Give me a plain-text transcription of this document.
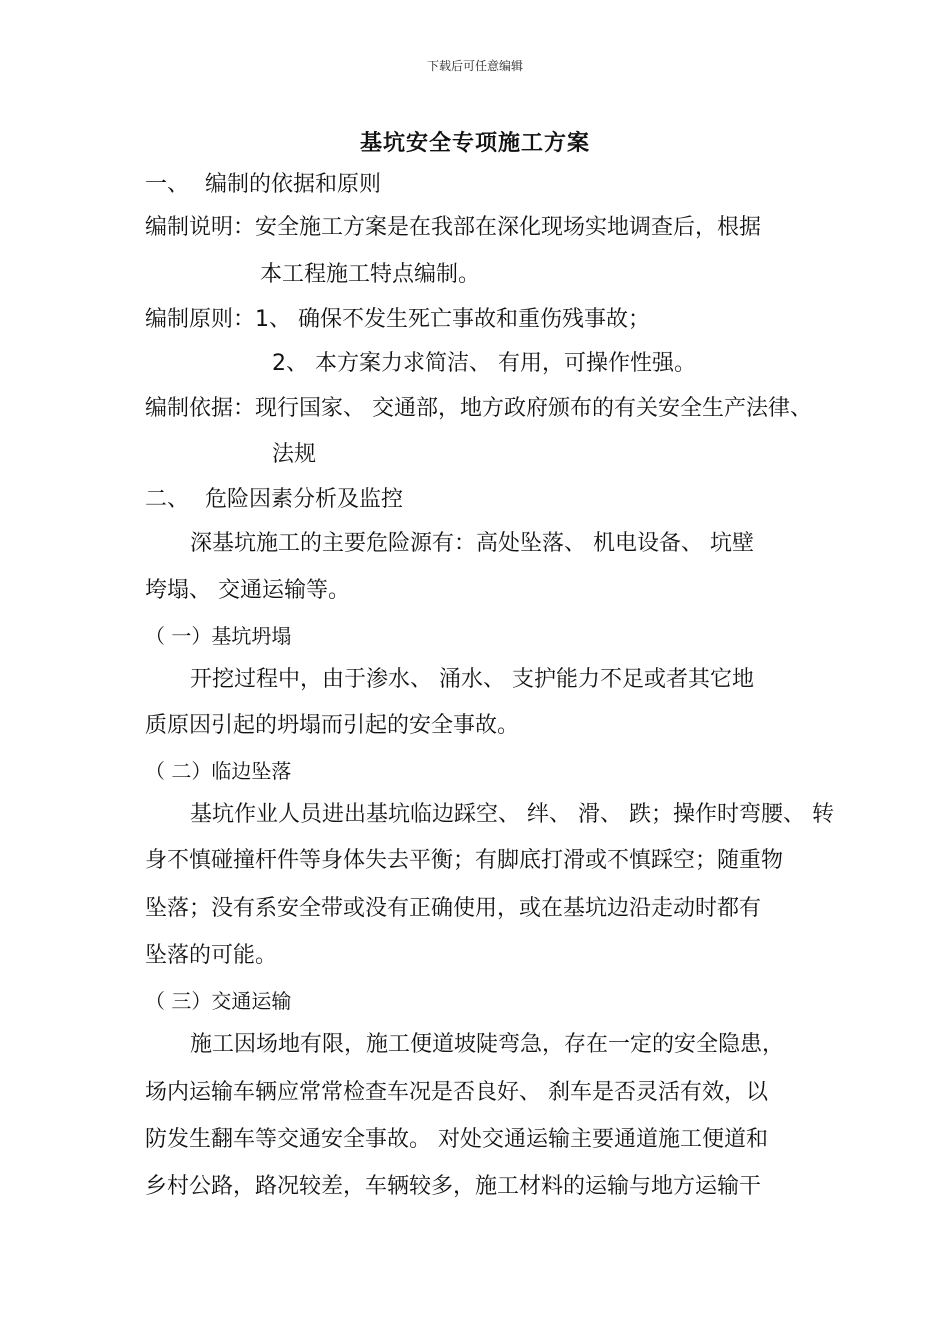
下载后可任意编辑
基坑安全专项施工方案
一、 编制的依据和原则
编制说明：安全施工方案是在我部在深化现场实地调查后，根据
本工程施工特点编制。
编制原则：1、 确保不发生死亡事故和重伤残事故；
2、 本方案力求简洁、 有用，可操作性强。
编制依据：现行国家、 交通部，地方政府颁布的有关安全生产法律、
法规
二、 危险因素分析及监控
深基坑施工的主要危险源有：高处坠落、 机电设备、 坑壁
垮塌、 交通运输等。
（ 一）基坑坍塌
开挖过程中，由于渗水、 涌水、 支护能力不足或者其它地
质原因引起的坍塌而引起的安全事故。
（ 二）临边坠落
基坑作业人员进出基坑临边踩空、 绊、 滑、 跌；操作时弯腰、 转
身不慎碰撞杆件等身体失去平衡；有脚底打滑或不慎踩空；随重物
坠落；没有系安全带或没有正确使用，或在基坑边沿走动时都有
坠落的可能。
（ 三）交通运输
施工因场地有限，施工便道坡陡弯急，存在一定的安全隐患，
场内运输车辆应常常检查车况是否良好、 刹车是否灵活有效，以
防发生翻车等交通安全事故。 对处交通运输主要通道施工便道和
乡村公路，路况较差，车辆较多，施工材料的运输与地方运输干
